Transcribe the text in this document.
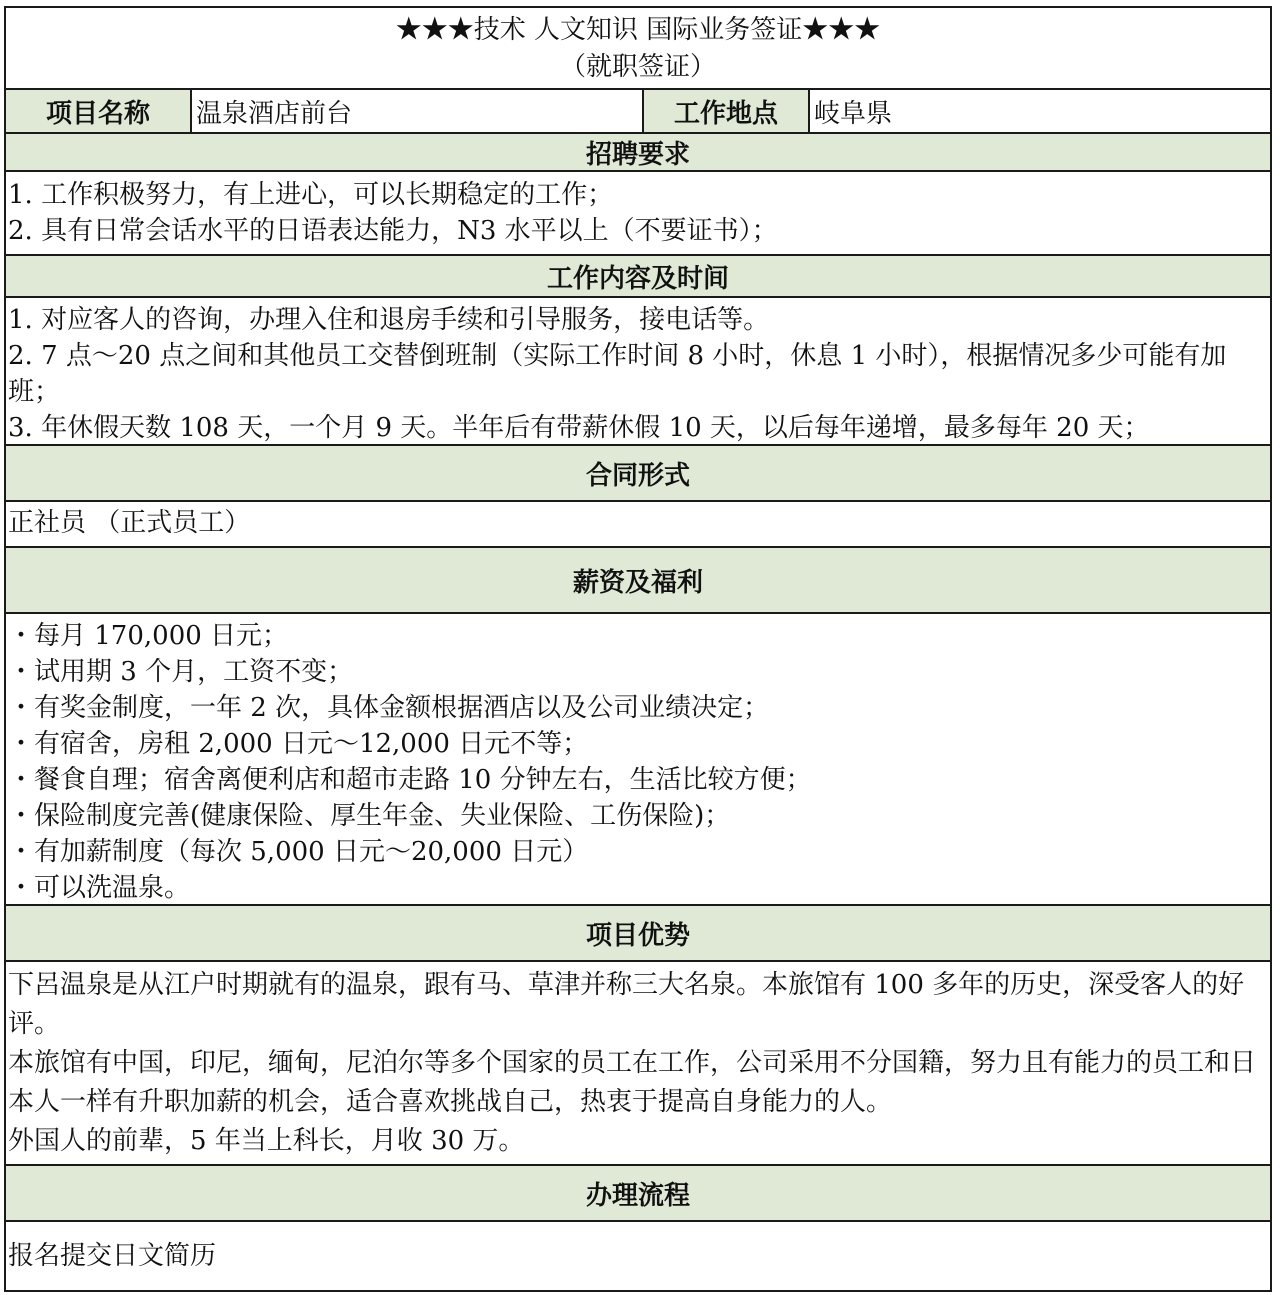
★★★技术 人文知识 国际业务签证★★★
（就职签证）
项目名称	温泉酒店前台	工作地点	岐阜県
招聘要求

1. 工作积极努力，有上进心，可以长期稳定的工作；

2. 具有日常会话水平的日语表达能力，N3 水平以上（不要证书）；

工作内容及时间

1. 对应客人的咨询，办理入住和退房手续和引导服务，接电话等。

2. 7 点～20 点之间和其他员工交替倒班制（实际工作时间 8 小时，休息 1 小时），根据情况多少可能有加班；

3. 年休假天数 108 天，一个月 9 天。半年后有带薪休假 10 天，以后每年递增，最多每年 20 天；

合同形式

正社员 （正式员工）

薪资及福利

・每月 170,000 日元；

・试用期 3 个月，工资不变；

・有奖金制度，一年 2 次，具体金额根据酒店以及公司业绩决定；

・有宿舍，房租 2,000 日元～12,000 日元不等；

・餐食自理；宿舍离便利店和超市走路 10 分钟左右，生活比较方便；

・保险制度完善(健康保险、厚生年金、失业保险、工伤保险)；

・有加薪制度（每次 5,000 日元～20,000 日元）

・可以洗温泉。

项目优势

下呂温泉是从江户时期就有的温泉，跟有马、草津并称三大名泉。本旅馆有 100 多年的历史，深受客人的好评。

本旅馆有中国，印尼，缅甸，尼泊尔等多个国家的员工在工作，公司采用不分国籍，努力且有能力的员工和日本人一样有升职加薪的机会，适合喜欢挑战自己，热衷于提高自身能力的人。

外国人的前辈，5 年当上科长，月收 30 万。

办理流程

报名提交日文简历
